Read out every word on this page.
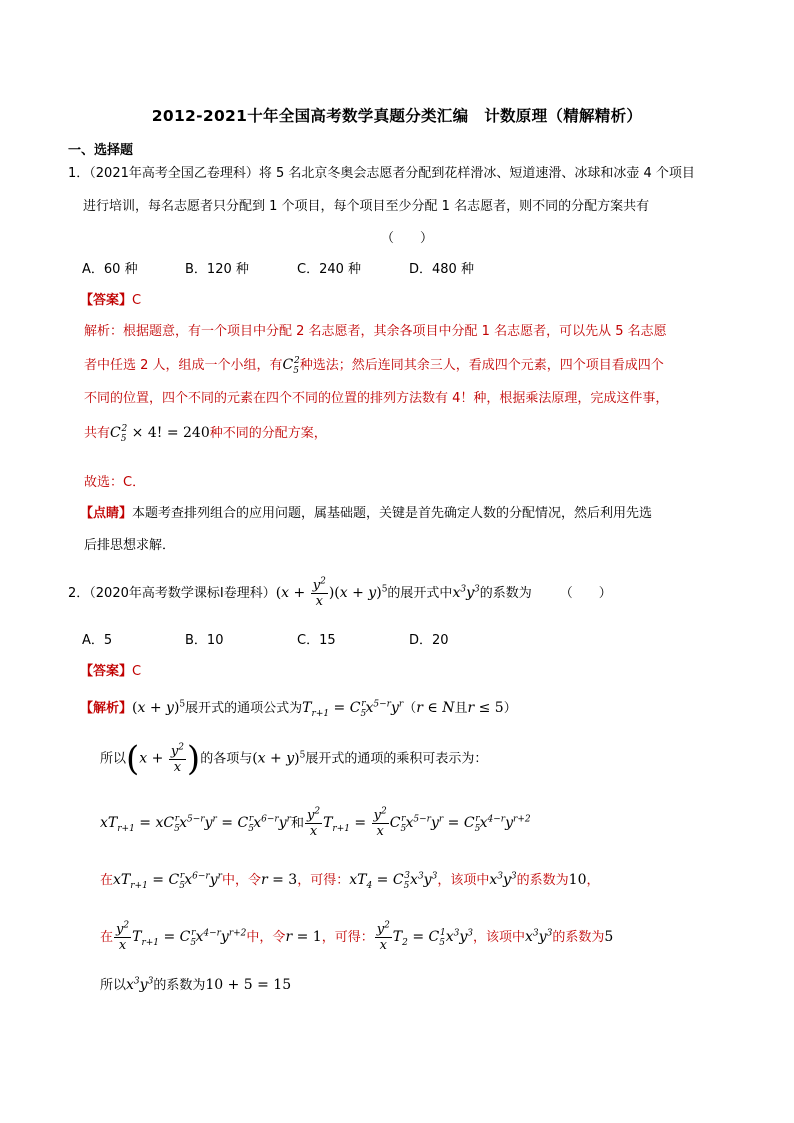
2012-2021十年全国高考数学真题分类汇编　计数原理（精解精析）
一、选择题
1．（2021年高考全国乙卷理科）将 5 名北京冬奥会志愿者分配到花样滑冰、短道速滑、冰球和冰壶 4 个项目
进行培训，每名志愿者只分配到 1 个项目，每个项目至少分配 1 名志愿者，则不同的分配方案共有
（　　）
A．60 种	B．120 种	C．240 种	D．480 种
【答案】C
解析：根据题意，有一个项目中分配 2 名志愿者，其余各项目中分配 1 名志愿者，可以先从 5 名志愿
者中任选 2 人，组成一个小组，有$C_5^2$种选法；然后连同其余三人，看成四个元素，四个项目看成四个
不同的位置，四个不同的元素在四个不同的位置的排列方法数有 4！种，根据乘法原理，完成这件事，
共有$C_5^2 \times 4$! = 240种不同的分配方案，
故选：C．
【点睛】本题考查排列组合的应用问题，属基础题，关键是首先确定人数的分配情况，然后利用先选
后排思想求解．
2．（2020年高考数学课标Ⅰ卷理科）$(x + \frac{y^2}{x} )(x + y)^5$的展开式中$x^3y^3$的系数为 （　　）
A．5	B．10	C．15	D．20
【答案】C
【解析】$(x + y)^5$展开式的通项公式为$T_{r+1} = C_5^rx^{5-r}y^r(r$ ∈ N且r ≤ 5）
所以($x + \frac{y^2}{x}$ )的各项与$(x + y)^5$展开式的通项的乘积可表示为：
$xT_{r+1} = xC_5^rx^{5-r}y^r = C_5^rx^{6-r}y^r$和 $\frac{y^2}{x} T_{r+1} = \frac{y^2}{x} C_5^rx^{5-r}y^r = C_5^rx^{4-r}y^{r+2}$
在$xT_{r+1} = C_5^rx^{6-r}y^r$中，令r = 3，可得：$xT_4 = C_5^3x^3y^3$，该项中$x^3y^3$的系数为10，
在 $\frac{y^2}{x} T_{r+1} = C_5^rx^{4-r}y^{r+2}$中，令r = 1，可得： $\frac{y^2}{x} T_2 = C_5^1x^3y^3$，该项中$x^3y^3$的系数为5
所以$x^3y^3$的系数为10 + 5 = 15
